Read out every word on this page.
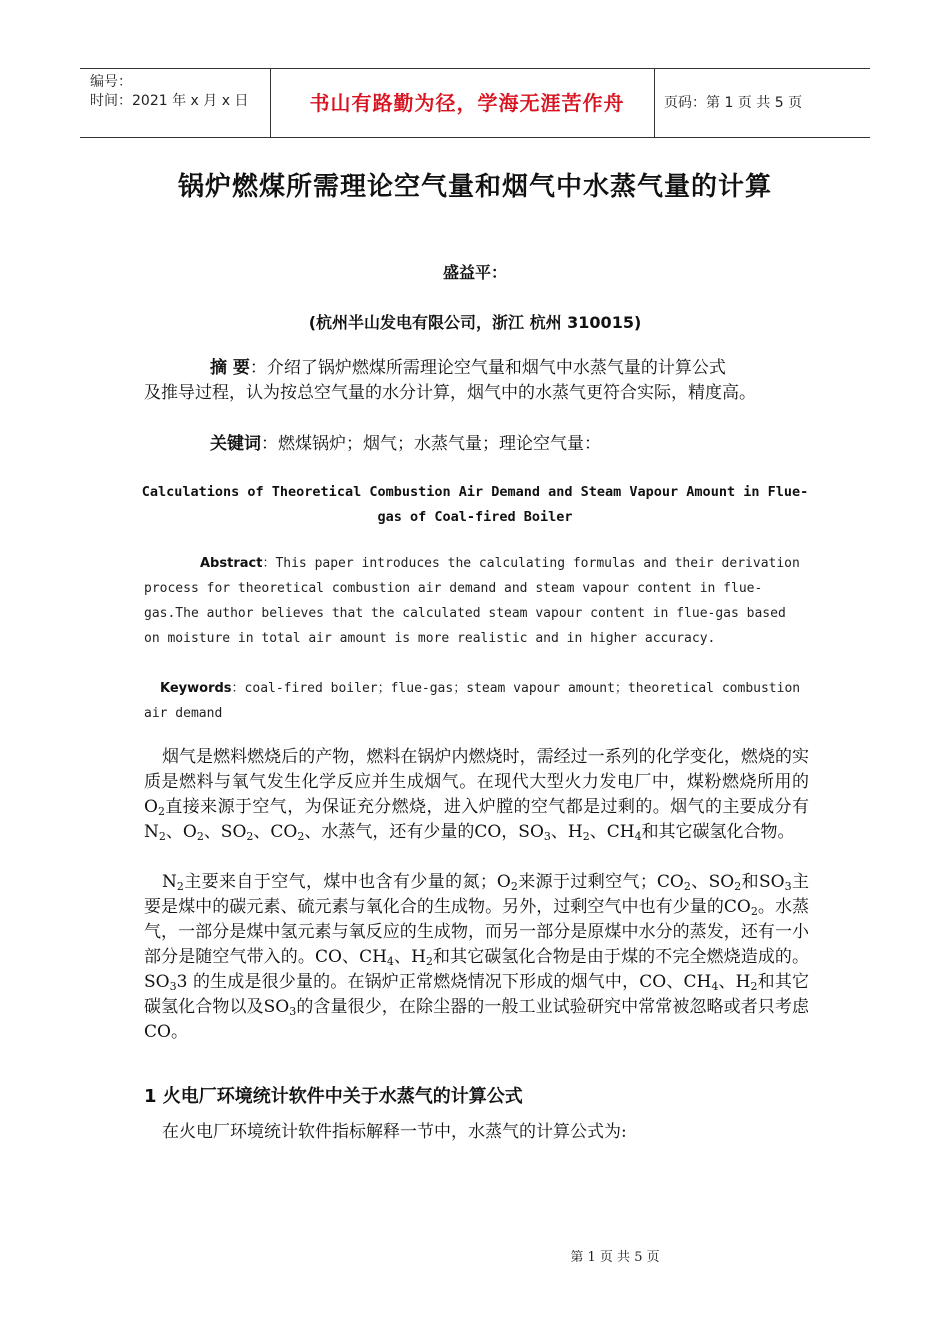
编号：
时间：2021 年 x 月 x 日	书山有路勤为径，学海无涯苦作舟	页码：第 1 页 共 5 页
锅炉燃煤所需理论空气量和烟气中水蒸气量的计算
盛益平：
(杭州半山发电有限公司，浙江 杭州 310015)
摘 要：介绍了锅炉燃煤所需理论空气量和烟气中水蒸气量的计算公式
及推导过程，认为按总空气量的水分计算，烟气中的水蒸气更符合实际，精度高。
关键词：燃煤锅炉；烟气；水蒸气量；理论空气量：
Calculations of Theoretical Combustion Air Demand and Steam Vapour Amount in Flue-gas of Coal-fired Boiler
Abstract：This paper introduces the calculating formulas and their derivation process for theoretical combustion air demand and steam vapour content in flue-gas.The author believes that the calculated steam vapour content in flue-gas based on moisture in total air amount is more realistic and in higher accuracy.
Keywords：coal-fired boiler；flue-gas；steam vapour amount；theoretical combustion air demand
烟气是燃料燃烧后的产物，燃料在锅炉内燃烧时，需经过一系列的化学变化，燃烧的实质是燃料与氧气发生化学反应并生成烟气。在现代大型火力发电厂中，煤粉燃烧所用的$O_2$直接来源于空气，为保证充分燃烧，进入炉膛的空气都是过剩的。烟气的主要成分有$N_2$、$O_2$、$SO_2$、$CO_2$、水蒸气，还有少量的CO，$SO_3$、$H_2$、$CH_4$和其它碳氢化合物。
$N_2$主要来自于空气，煤中也含有少量的氮；$O_2$来源于过剩空气；$CO_2$、$SO_2$和$SO_3$主要是煤中的碳元素、硫元素与氧化合的生成物。另外，过剩空气中也有少量的$CO_2$。水蒸气，一部分是煤中氢元素与氧反应的生成物，而另一部分是原煤中水分的蒸发，还有一小部分是随空气带入的。CO、$CH_4$、$H_2$和其它碳氢化合物是由于煤的不完全燃烧造成的。$SO_33$ 的生成是很少量的。在锅炉正常燃烧情况下形成的烟气中，CO、$CH_4$、$H_2$和其它碳氢化合物以及$SO_3$的含量很少，在除尘器的一般工业试验研究中常常被忽略或者只考虑CO。
1 火电厂环境统计软件中关于水蒸气的计算公式
在火电厂环境统计软件指标解释一节中，水蒸气的计算公式为:
第 1 页 共 5 页
